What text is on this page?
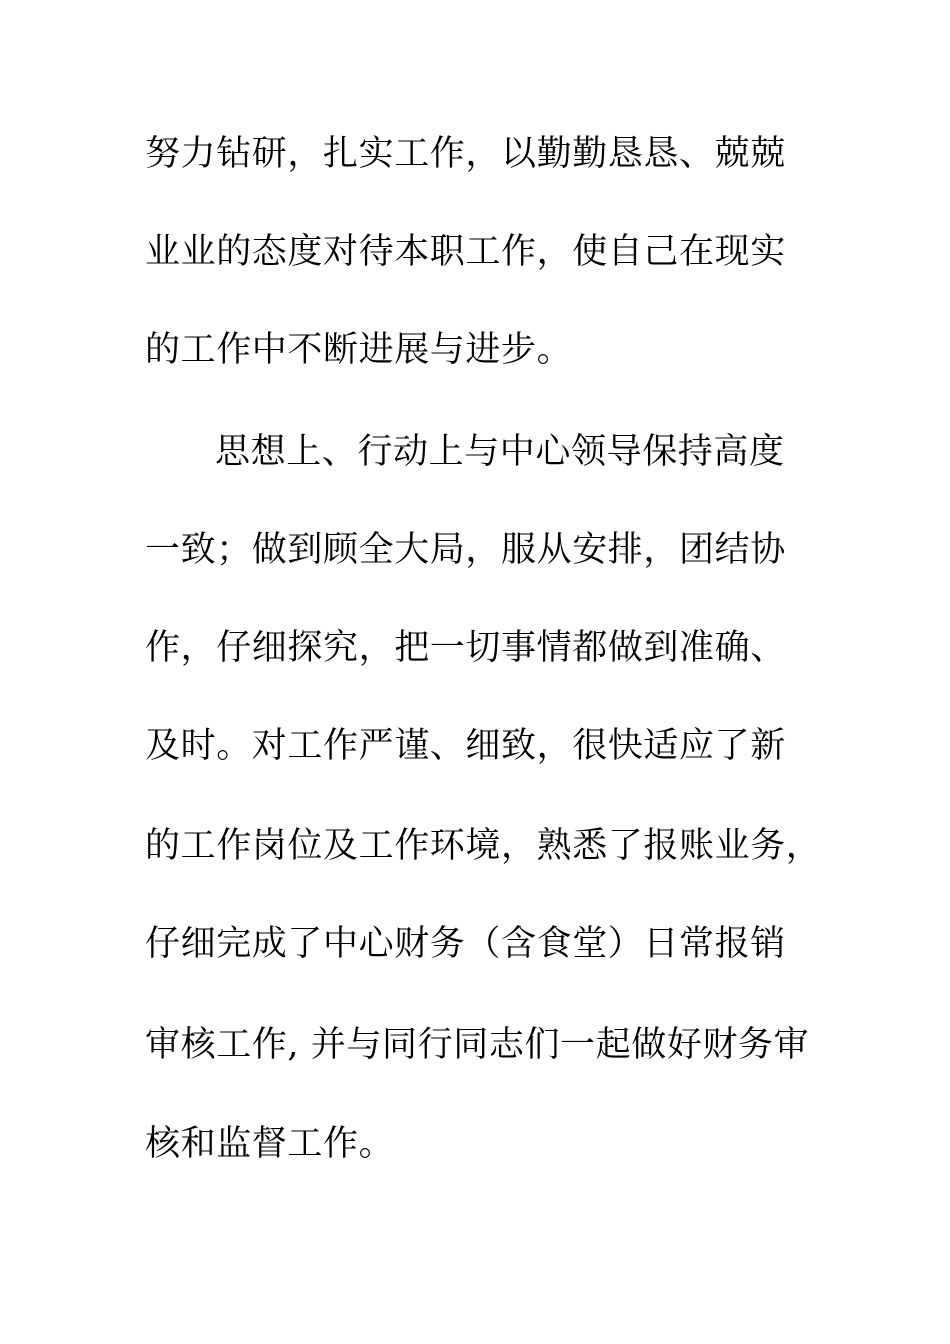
努力钻研，扎实工作，以勤勤恳恳、兢兢
业业的态度对待本职工作，使自己在现实
的工作中不断进展与进步。
思想上、行动上与中心领导保持高度
一致；做到顾全大局，服从安排，团结协
作，仔细探究，把一切事情都做到准确、
及时。对工作严谨、细致，很快适应了新
的工作岗位及工作环境，熟悉了报账业务，
仔细完成了中心财务（含食堂）日常报销
审核工作, 并与同行同志们一起做好财务审
核和监督工作。
